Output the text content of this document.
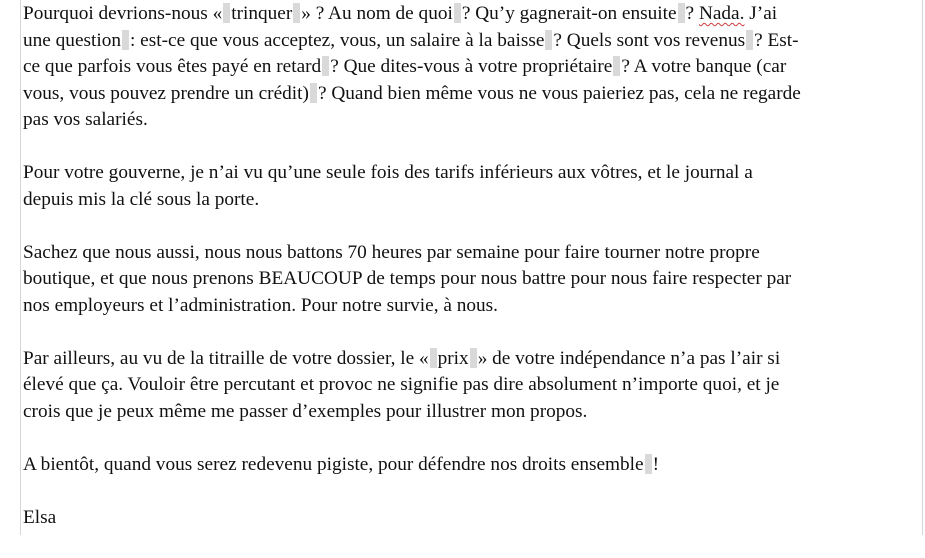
Pourquoi devrions-nous « trinquer » ? Au nom de quoi ? Qu’y gagnerait-on ensuite ? Nada. J’ai
une question : est-ce que vous acceptez, vous, un salaire à la baisse ? Quels sont vos revenus ? Est-
ce que parfois vous êtes payé en retard ? Que dites-vous à votre propriétaire ? A votre banque (car
vous, vous pouvez prendre un crédit) ? Quand bien même vous ne vous paieriez pas, cela ne regarde
pas vos salariés.

Pour votre gouverne, je n’ai vu qu’une seule fois des tarifs inférieurs aux vôtres, et le journal a
depuis mis la clé sous la porte.

Sachez que nous aussi, nous nous battons 70 heures par semaine pour faire tourner notre propre
boutique, et que nous prenons BEAUCOUP de temps pour nous battre pour nous faire respecter par
nos employeurs et l’administration. Pour notre survie, à nous.

Par ailleurs, au vu de la titraille de votre dossier, le « prix » de votre indépendance n’a pas l’air si
élevé que ça. Vouloir être percutant et provoc ne signifie pas dire absolument n’importe quoi, et je
crois que je peux même me passer d’exemples pour illustrer mon propos.

A bientôt, quand vous serez redevenu pigiste, pour défendre nos droits ensemble !

Elsa
